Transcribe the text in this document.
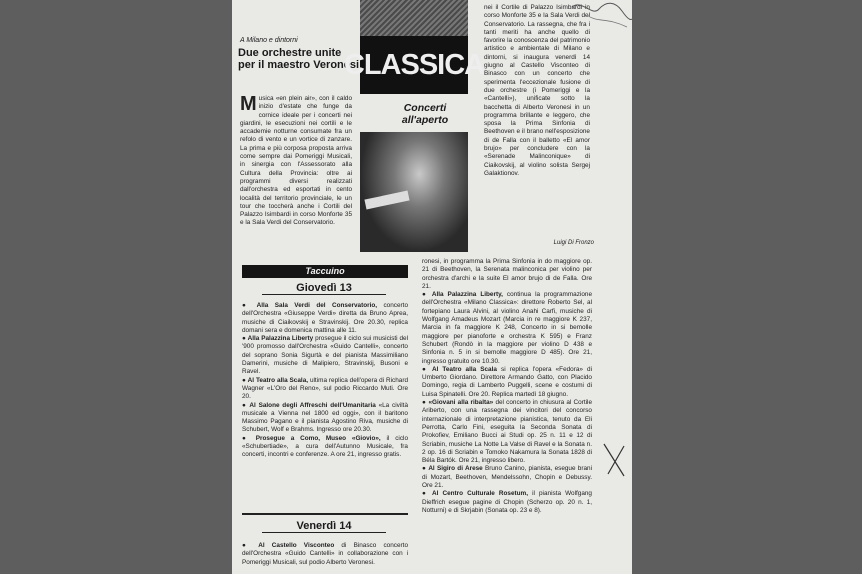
A Milano e dintorni
Due orchestre unite
per il maestro Veronesi
Musica «en plein air», con il caldo inizio d'estate che funge da cornice ideale per i concerti nei giardini, le esecuzioni nei cortili e le accademie notturne consumate fra un refolo di vento e un vortice di zanzare. La prima e più corposa proposta arriva come sempre dai Pomeriggi Musicali, in sinergia con l'Assessorato alla Cultura della Provincia: oltre ai programmi diversi realizzati dall'orchestra ed esportati in cento località del territorio provinciale, le un tour che toccherà anche i Cortili del Palazzo Isimbardi in corso Monforte 35 e la Sala Verdi del Conservatorio.
CLASSICA
Concerti
all'aperto
nei il Cortile di Palazzo Isimbardi in corso Monforte 35 e la Sala Verdi del Conservatorio. La rassegna, che fra i tanti meriti ha anche quello di favorire la conoscenza del patrimonio artistico e ambientale di Milano e dintorni, si inaugura venerdì 14 giugno al Castello Visconteo di Binasco con un concerto che sperimenta l'eccezionale fusione di due orchestre (i Pomeriggi e la «Cantelli»), unificate sotto la bacchetta di Alberto Veronesi in un programma brillante e leggero, che sposa la Prima Sinfonia di Beethoven e il brano nell'esposizione di de Falla con il balletto «El amor brujo» per concludere con la «Serenade Malinconique» di Ciaikovskij, al violino solista Sergej Galaktionov.
Luigi Di Fronzo
Taccuino
Giovedì 13
● Alla Sala Verdi del Conservatorio, concerto dell'Orchestra «Giuseppe Verdi» diretta da Bruno Aprea, musiche di Ciaikovskij e Stravinskij. Ore 20.30, replica domani sera e domenica mattina alle 11.
● Alla Palazzina Liberty prosegue il ciclo sui musicisti del '900 promosso dall'Orchestra «Guido Cantelli», concerto del soprano Sonia Sigurtà e del pianista Massimiliano Damerini, musiche di Malipiero, Stravinskij, Busoni e Ravel.
● Al Teatro alla Scala, ultima replica dell'opera di Richard Wagner «L'Oro del Reno», sul podio Riccardo Muti. Ore 20.
● Al Salone degli Affreschi dell'Umanitaria «La civiltà musicale a Vienna nel 1800 ed oggi», con il baritono Massimo Pagano e il pianista Agostino Riva, musiche di Schubert, Wolf e Brahms. Ingresso ore 20.30.
● Prosegue a Como, Museo «Giovio», il ciclo «Schubertiade», a cura dell'Autunno Musicale, fra concerti, incontri e conferenze. A ore 21, ingresso gratis.
Venerdì 14
● Al Castello Visconteo di Binasco concerto dell'Orchestra «Guido Cantelli» in collaborazione con i Pomeriggi Musicali, sul podio Alberto Veronesi.
ronesi, in programma la Prima Sinfonia in do maggiore op. 21 di Beethoven, la Serenata malinconica per violino per orchestra d'archi e la suite El amor brujo di de Falla. Ore 21.
● Alla Palazzina Liberty, continua la programmazione dell'Orchestra «Milano Classica»: direttore Roberto Sel, al fortepiano Laura Alvini, al violino Anahi Carfi, musiche di Wolfgang Amadeus Mozart (Marcia in re maggiore K 237, Marcia in fa maggiore K 248, Concerto in si bemolle maggiore per pianoforte e orchestra K 595) e Franz Schubert (Rondò in la maggiore per violino D 438 e Sinfonia n. 5 in si bemolle maggiore D 485). Ore 21, ingresso gratuito ore 10.30.
● Al Teatro alla Scala si replica l'opera «Fedora» di Umberto Giordano. Direttore Armando Gatto, con Placido Domingo, regia di Lamberto Puggelli, scene e costumi di Luisa Spinatelli. Ore 20. Replica martedì 18 giugno.
● «Giovani alla ribalta» del concerto in chiusura al Cortile Ariberto, con una rassegna dei vincitori del concorso internazionale di interpretazione pianistica, tenuto da Eli Perrotta, Carlo Fini, eseguita la Seconda Sonata di Prokofiev, Emiliano Bucci ai Studi op. 25 n. 11 e 12 di Scriabin, musiche La Notte La Valse di Ravel e la Sonata n. 2 op. 16 di Scriabin e Tomoko Nakamura la Sonata 1828 di Béla Bartók. Ore 21, ingresso libero.
● Al Sigiro di Arese Bruno Canino, pianista, esegue brani di Mozart, Beethoven, Mendelssohn, Chopin e Debussy. Ore 21.
● Al Centro Culturale Rosetum, il pianista Wolfgang Dieffrich esegue pagine di Chopin (Scherzo op. 20 n. 1, Notturni) e di Skrjabin (Sonata op. 23 e 8).
